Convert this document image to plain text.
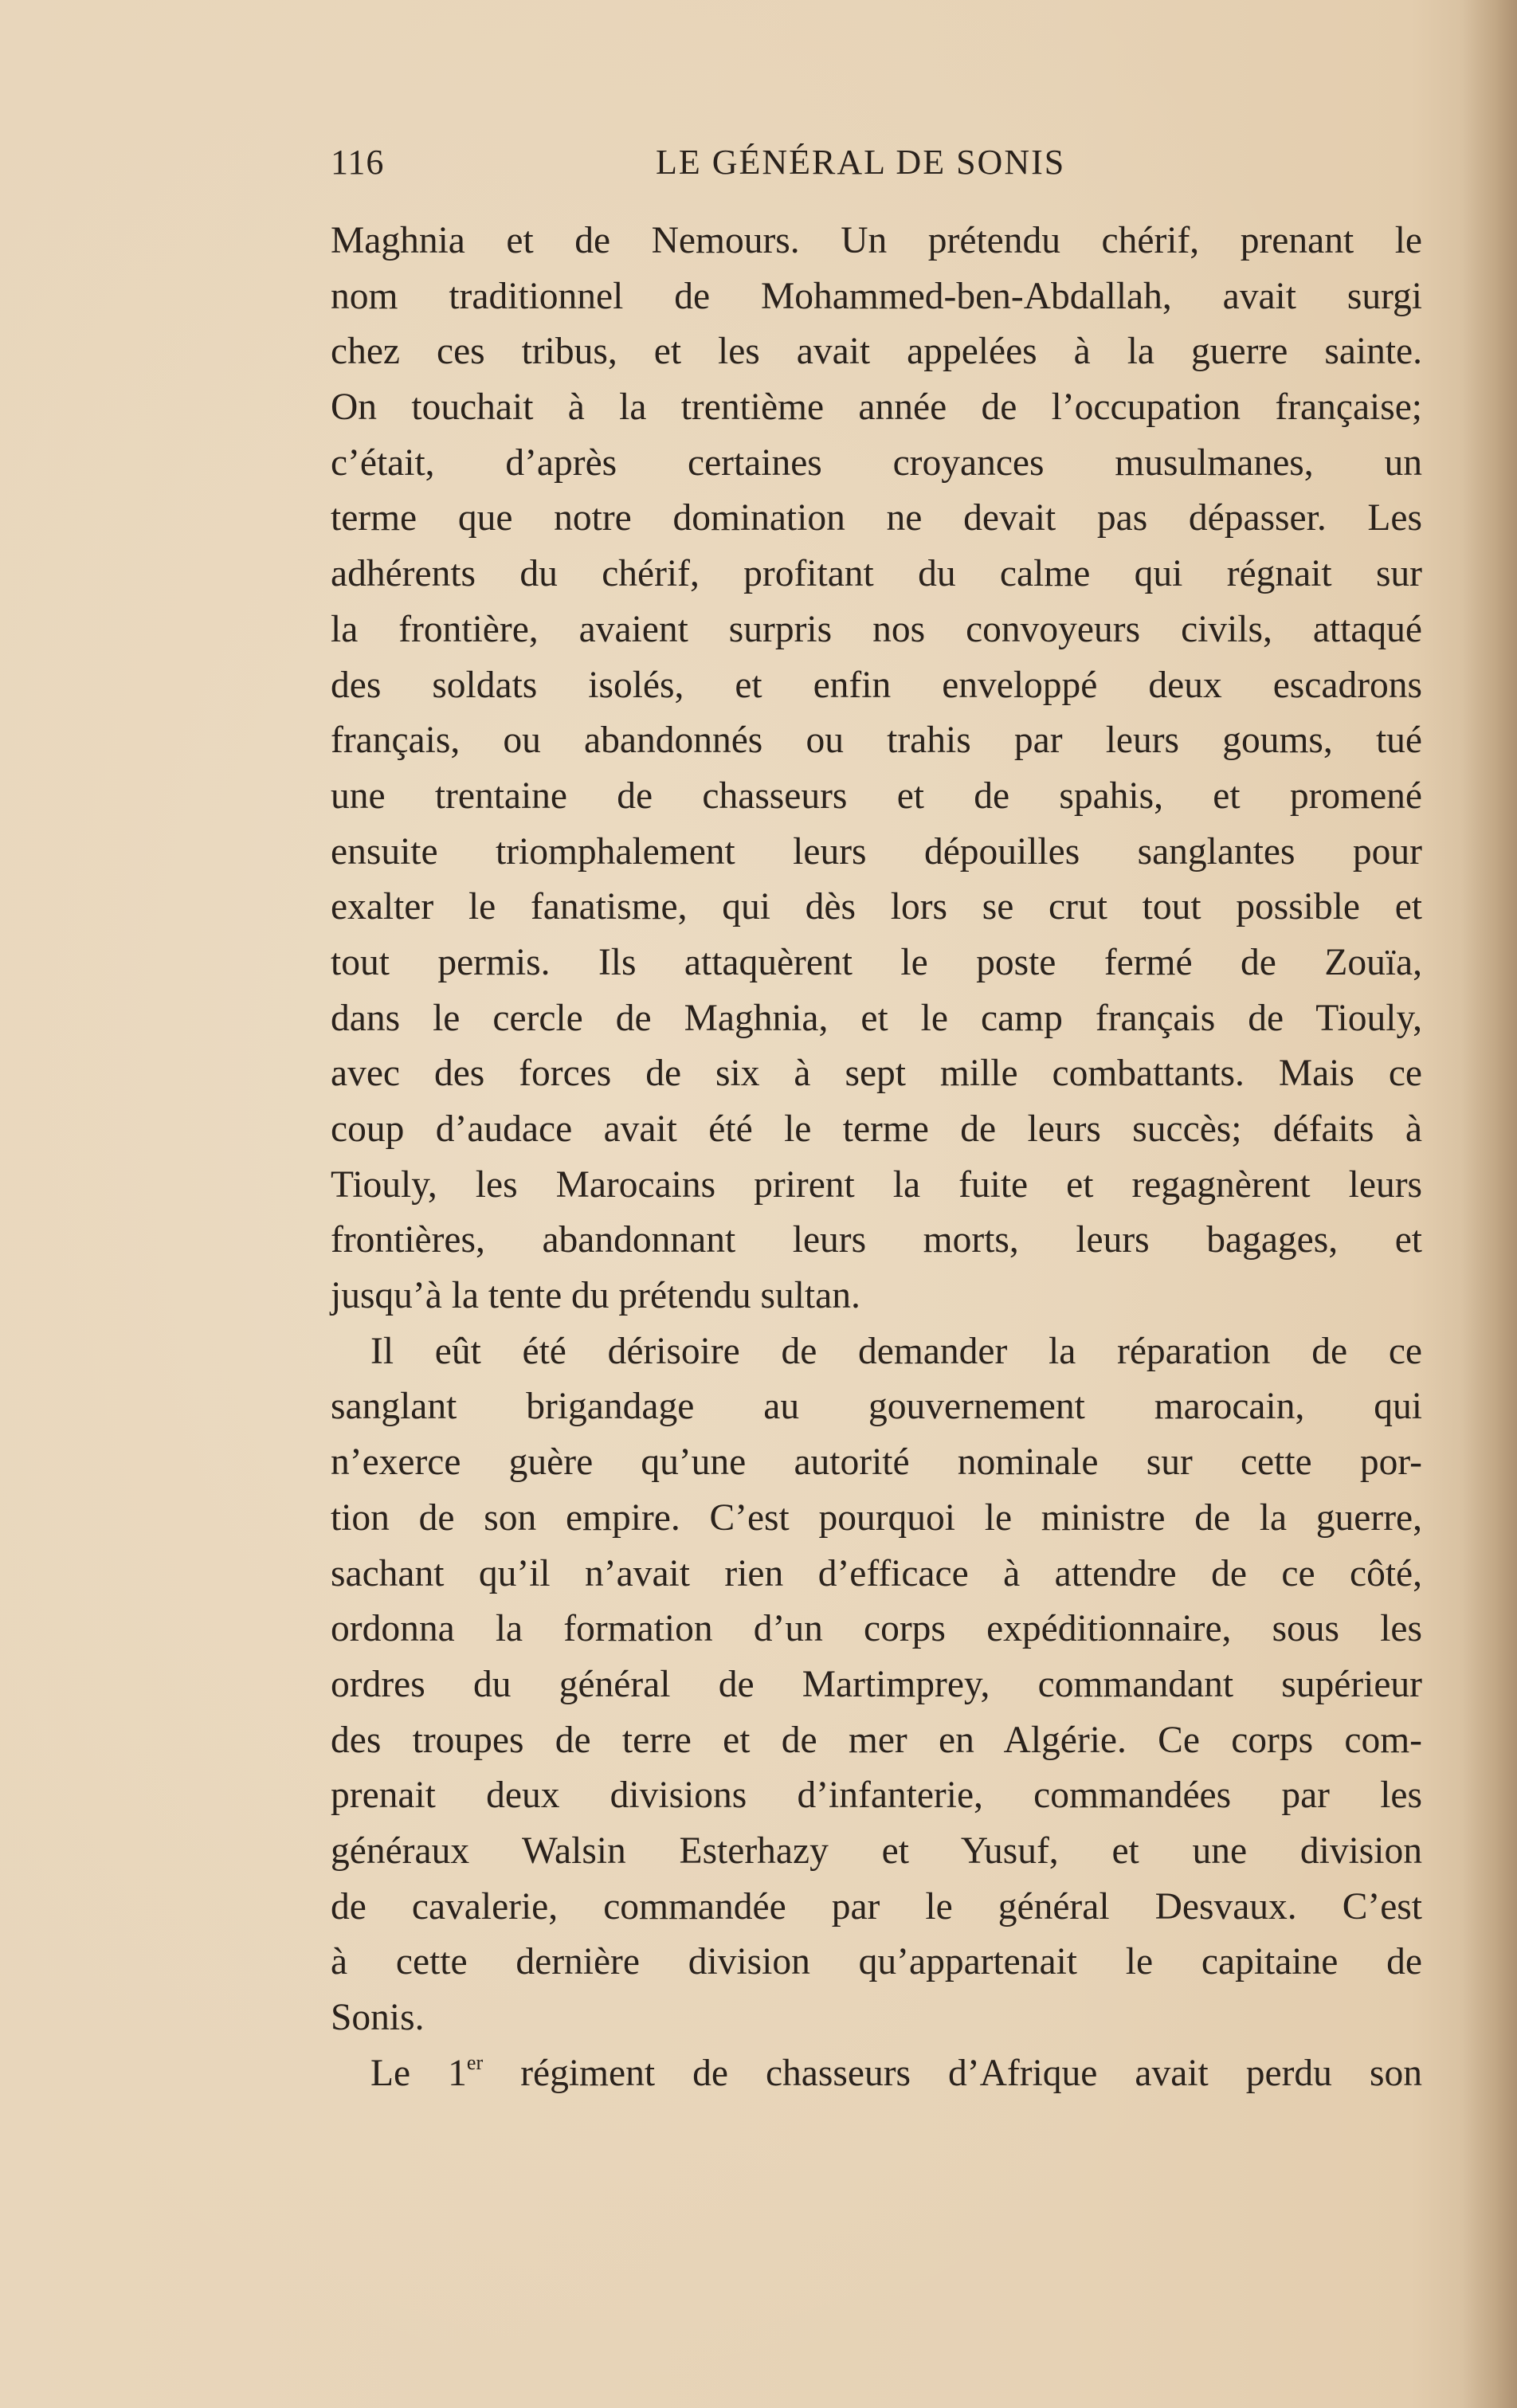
116	LE GÉNÉRAL DE SONIS
Maghnia et de Nemours. Un prétendu chérif, prenant le
nom traditionnel de Mohammed-ben-Abdallah, avait surgi
chez ces tribus, et les avait appelées à la guerre sainte.
On touchait à la trentième année de l’occupation française;
c’était, d’après certaines croyances musulmanes, un
terme que notre domination ne devait pas dépasser. Les
adhérents du chérif, profitant du calme qui régnait sur
la frontière, avaient surpris nos convoyeurs civils, attaqué
des soldats isolés, et enfin enveloppé deux escadrons
français, ou abandonnés ou trahis par leurs goums, tué
une trentaine de chasseurs et de spahis, et promené
ensuite triomphalement leurs dépouilles sanglantes pour
exalter le fanatisme, qui dès lors se crut tout possible et
tout permis. Ils attaquèrent le poste fermé de Zouïa,
dans le cercle de Maghnia, et le camp français de Tiouly,
avec des forces de six à sept mille combattants. Mais ce
coup d’audace avait été le terme de leurs succès; défaits à
Tiouly, les Marocains prirent la fuite et regagnèrent leurs
frontières, abandonnant leurs morts, leurs bagages, et
jusqu’à la tente du prétendu sultan.
Il eût été dérisoire de demander la réparation de ce
sanglant brigandage au gouvernement marocain, qui
n’exerce guère qu’une autorité nominale sur cette por-
tion de son empire. C’est pourquoi le ministre de la guerre,
sachant qu’il n’avait rien d’efficace à attendre de ce côté,
ordonna la formation d’un corps expéditionnaire, sous les
ordres du général de Martimprey, commandant supérieur
des troupes de terre et de mer en Algérie. Ce corps com-
prenait deux divisions d’infanterie, commandées par les
généraux Walsin Esterhazy et Yusuf, et une division
de cavalerie, commandée par le général Desvaux. C’est
à cette dernière division qu’appartenait le capitaine de
Sonis.
Le 1er régiment de chasseurs d’Afrique avait perdu son
